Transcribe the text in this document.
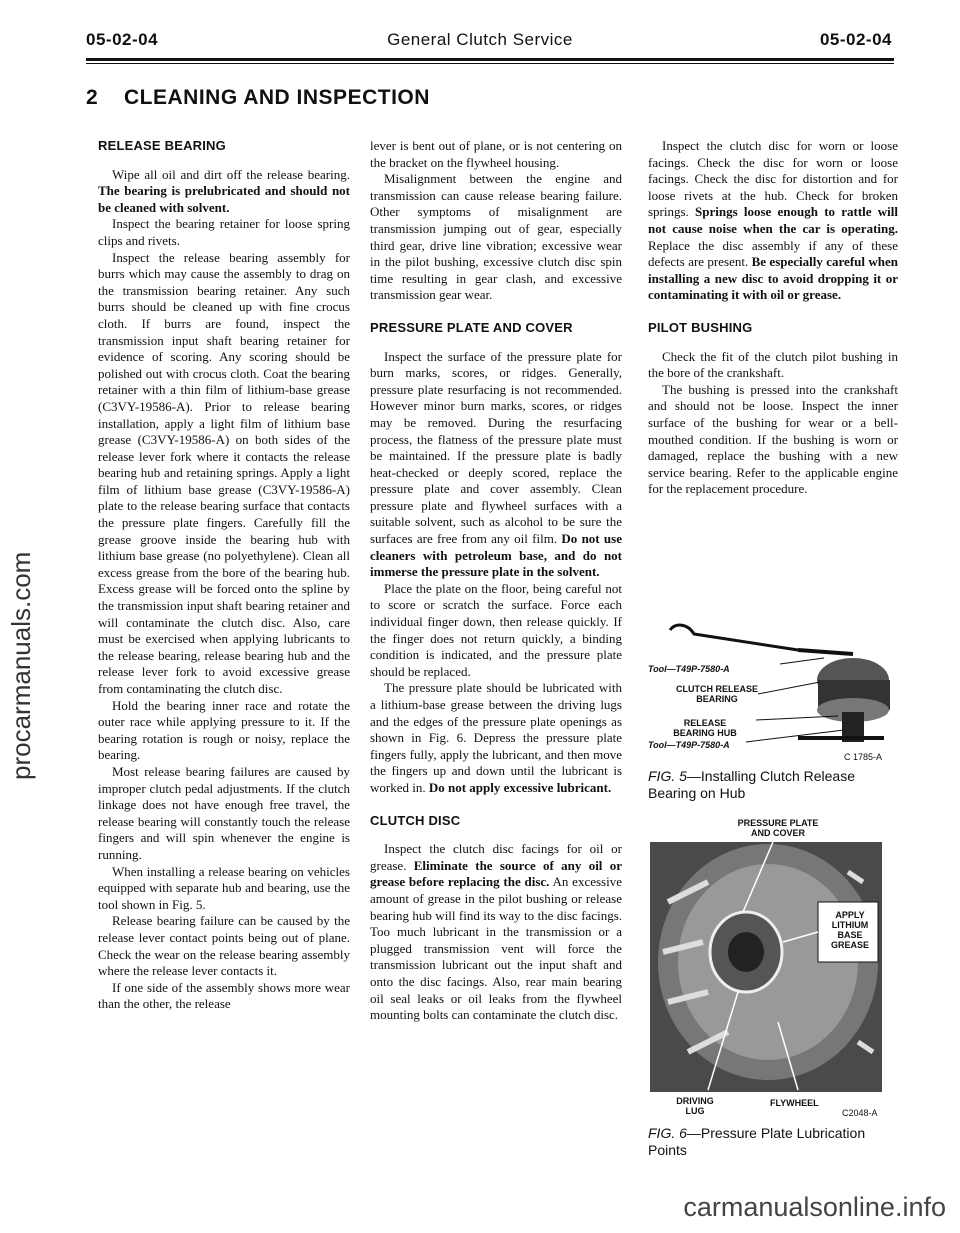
05-02-04	General Clutch Service	05-02-04
2 CLEANING AND INSPECTION
RELEASE BEARING

Wipe all oil and dirt off the release bearing. The bearing is prelubricated and should not be cleaned with solvent.

Inspect the bearing retainer for loose spring clips and rivets.

Inspect the release bearing assembly for burrs which may cause the assembly to drag on the transmission bearing retainer. Any such burrs should be cleaned up with fine crocus cloth. If burrs are found, inspect the transmission input shaft bearing retainer for evidence of scoring. Any scoring should be polished out with crocus cloth. Coat the bearing retainer with a thin film of lithium-base grease (C3VY-19586-A). Prior to release bearing installation, apply a light film of lithium base grease (C3VY-19586-A) on both sides of the release lever fork where it contacts the release bearing hub and retaining springs. Apply a light film of lithium base grease (C3VY-19586-A) plate to the release bearing surface that contacts the pressure plate fingers. Carefully fill the grease groove inside the bearing hub with lithium base grease (no polyethylene). Clean all excess grease from the bore of the bearing hub. Excess grease will be forced onto the spline by the transmission input shaft bearing retainer and will contaminate the clutch disc. Also, care must be exercised when applying lubricants to the release bearing, release bearing hub and the release lever fork to avoid excessive grease from contaminating the clutch disc.

Hold the bearing inner race and rotate the outer race while applying pressure to it. If the bearing rotation is rough or noisy, replace the bearing.

Most release bearing failures are caused by improper clutch pedal adjustments. If the clutch linkage does not have enough free travel, the release bearing will constantly touch the release fingers and will spin whenever the engine is running.

When installing a release bearing on vehicles equipped with separate hub and bearing, use the tool shown in Fig. 5.

Release bearing failure can be caused by the release lever contact points being out of plane. Check the wear on the release bearing assembly where the release lever contacts it.

If one side of the assembly shows more wear than the other, the release

lever is bent out of plane, or is not centering on the bracket on the flywheel housing.

Misalignment between the engine and transmission can cause release bearing failure. Other symptoms of misalignment are transmission jumping out of gear, especially third gear, drive line vibration; excessive wear in the pilot bushing, excessive clutch disc spin time resulting in gear clash, and excessive transmission gear wear.

PRESSURE PLATE AND COVER

Inspect the surface of the pressure plate for burn marks, scores, or ridges. Generally, pressure plate resurfacing is not recommended. However minor burn marks, scores, or ridges may be removed. During the resurfacing process, the flatness of the pressure plate must be maintained. If the pressure plate is badly heat-checked or deeply scored, replace the pressure plate and cover assembly. Clean pressure plate and flywheel surfaces with a suitable solvent, such as alcohol to be sure the surfaces are free from any oil film. Do not use cleaners with petroleum base, and do not immerse the pressure plate in the solvent.

Place the plate on the floor, being careful not to score or scratch the surface. Force each individual finger down, then release quickly. If the finger does not return quickly, a binding condition is indicated, and the pressure plate should be replaced.

The pressure plate should be lubricated with a lithium-base grease between the driving lugs and the edges of the pressure plate openings as shown in Fig. 6. Depress the pressure plate fingers fully, apply the lubricant, and then move the fingers up and down until the lubricant is worked in. Do not apply excessive lubricant.

CLUTCH DISC

Inspect the clutch disc facings for oil or grease. Eliminate the source of any oil or grease before replacing the disc. An excessive amount of grease in the pilot bushing or release bearing hub will find its way to the disc facings. Too much lubricant in the transmission or a plugged transmission vent will force the transmission lubricant out the input shaft and onto the disc facings. Also, rear main bearing oil seal leaks or oil leaks from the flywheel mounting bolts can contaminate the clutch disc.

Inspect the clutch disc for worn or loose facings. Check the disc for worn or loose facings. Check the disc for distortion and for loose rivets at the hub. Check for broken springs. Springs loose enough to rattle will not cause noise when the car is operating. Replace the disc assembly if any of these defects are present. Be especially careful when installing a new disc to avoid dropping it or contaminating it with oil or grease.

PILOT BUSHING

Check the fit of the clutch pilot bushing in the bore of the crankshaft.

The bushing is pressed into the crankshaft and should not be loose. Inspect the inner surface of the bushing for wear or a bell-mouthed condition. If the bushing is worn or damaged, replace the bushing with a new service bearing. Refer to the applicable engine for the replacement procedure.

Tool—T49P-7580-A
CLUTCH RELEASE
BEARING
RELEASE
BEARING HUB
Tool—T49P-7580-A
C 1785-A
FIG. 5—Installing Clutch Release Bearing on Hub
PRESSURE PLATE
AND COVER
APPLY
LITHIUM
BASE
GREASE
DRIVING
LUG
FLYWHEEL
C2048-A
FIG. 6—Pressure Plate Lubrication Points
procarmanuals.com
carmanualsonline.info
